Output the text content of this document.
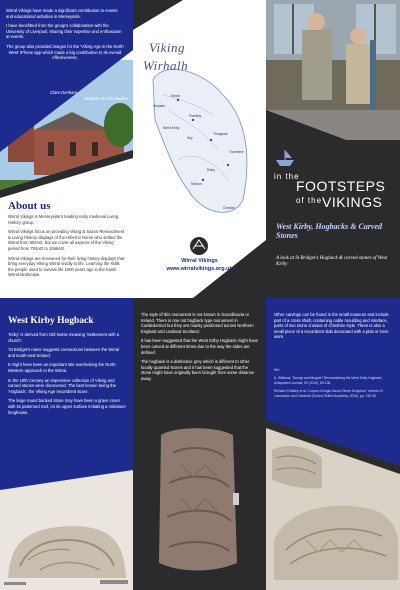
Wirral Vikings have made a significant contribution to events and educational activities in Merseyside.

I have benefitted from the group's collaboration with the University of Liverpool, sharing their expertise and enthusiasm at events.

The group also provided images for the 'Viking Age in the North West' iPhone app which made a big contribution to its overall effectiveness.

Clare Denham,
Institute of Irish Studies
About us

Wirral Vikings is Merseyside's leading early medieval Living History group.

Wirral Vikings focus on providing Viking & Saxon Reenactment & Living History displays of the Hiberno Norse who settled the Wirral from 902AD, but we cover all aspects of the Viking period from 793AD to 1066AD.

Wirral Vikings are renowned for their living history displays that bring everyday Viking Wirral vividly to life. Learning the skills the people used to survive life 1000 years ago in the harsh Wirral landscape.

Viking
Wirhalh
Meols
Hoylake
West Kirby
Frankby
Irby
Thingwall
Raby
Tranmere
Neston
Chester
Wirral Vikings
www.wirralvikings.org.uk
in the
FOOTSTEPS
of the VIKINGS
West Kirby, Hogbacks & Carved Stones
A look at St Bridget's Hogback & carved stones of West Kirby
West Kirby Hogback

'Kirby' is derived from Old Norse meaning 'Settlement with a church'.

'St Bridget's name suggests connections between the Wirral and south-east Ireland.

It might have been an important site overlooking the North Western approach to the Wirral.

In the 19th Century an impressive collection of Viking and carved stones were discovered. The best known being the 'Hogback', the Viking Age recumbent stone.

The large round backed stone may have been a grave cover with its patterned roof, on its upper surface imitating a miniature longhouse.

The style of this monument is not known in Scandinavia or Ireland. There is one not hogback type monument in Castledermot but they are mainly positioned across Northern England and Lowland Scotland.

It has been suggested that the West Kirby Hogback might have been carved at different times due to the way the sides are defined.

The hogback is a distinctive grey which is different to other locally quarried stones and it has been suggested that the stone might have originally been brought from some distance away.

Other carvings can be found in the small museum and include part of a cross shaft, containing cable moulding and interlace, parts of two stone crosses of Cheshire style. There is also a small piece of a recumbent slab decorated with a plait or knot-work.

Ref.

A. Williams, 'Dumps and Mugsie? Reconsidering the West Kirby Hogback', Antiquaries Journal, 92 (2014), 89-108.

Richard N Bailey et al. Corpus of Anglo-Saxon Stone Sculpture, Volume IX: Lancashire and Cheshire (Oxford: British Academy, 2010), pp. 135-36.
